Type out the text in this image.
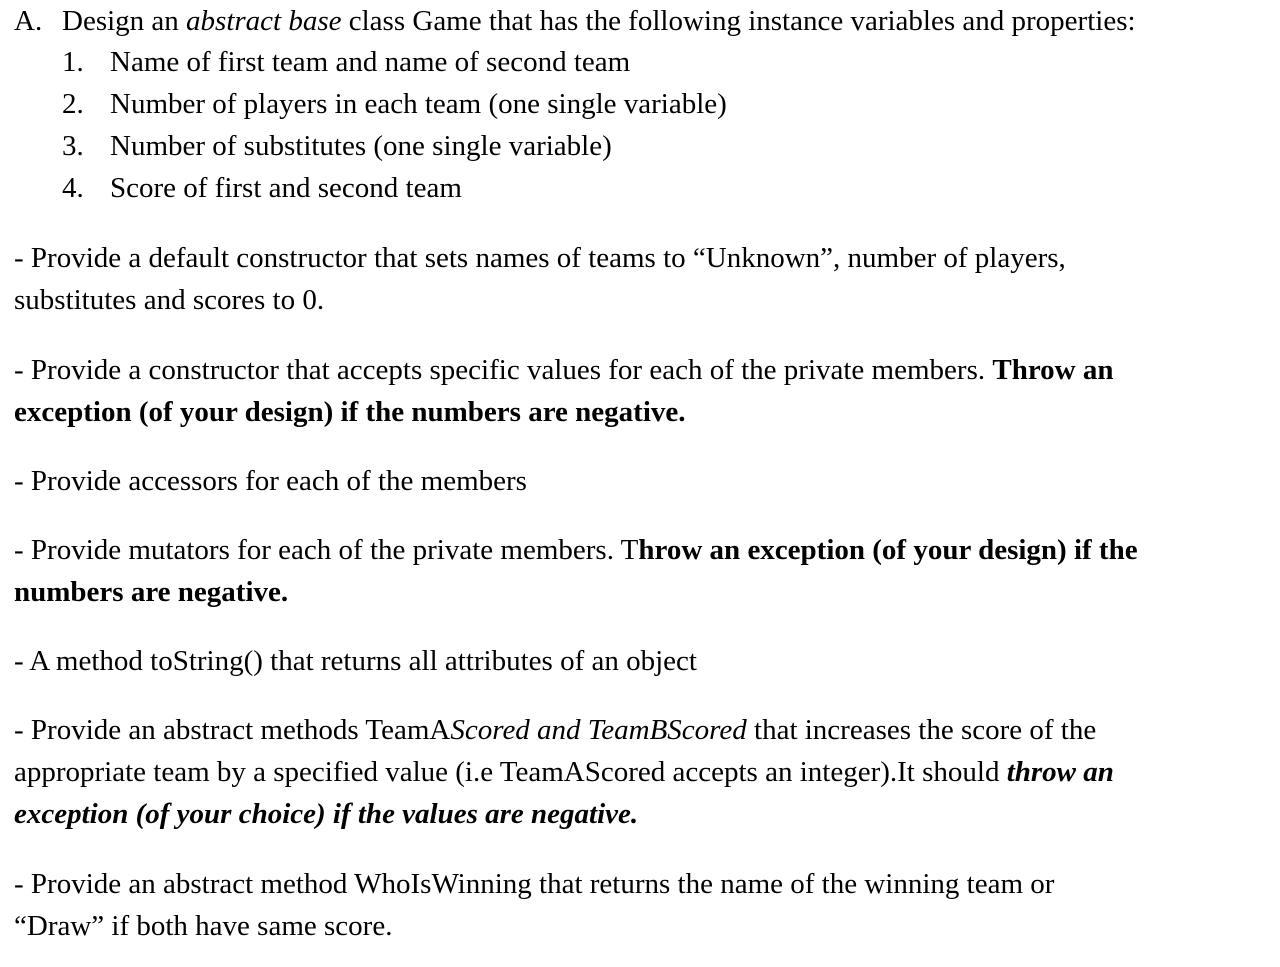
A. Design an abstract base class Game that has the following instance variables and properties:

1. Name of first team and name of second team
2. Number of players in each team (one single variable)
3. Number of substitutes (one single variable)
4. Score of first and second team

- Provide a default constructor that sets names of teams to “Unknown”, number of players,
substitutes and scores to 0.

- Provide a constructor that accepts specific values for each of the private members. Throw an
exception (of your design) if the numbers are negative.

- Provide accessors for each of the members

- Provide mutators for each of the private members. Throw an exception (of your design) if the
numbers are negative.

- A method toString() that returns all attributes of an object

- Provide an abstract methods TeamAScored and TeamBScored that increases the score of the
appropriate team by a specified value (i.e TeamAScored accepts an integer).It should throw an
exception (of your choice) if the values are negative.

- Provide an abstract method WhoIsWinning that returns the name of the winning team or
“Draw” if both have same score.
